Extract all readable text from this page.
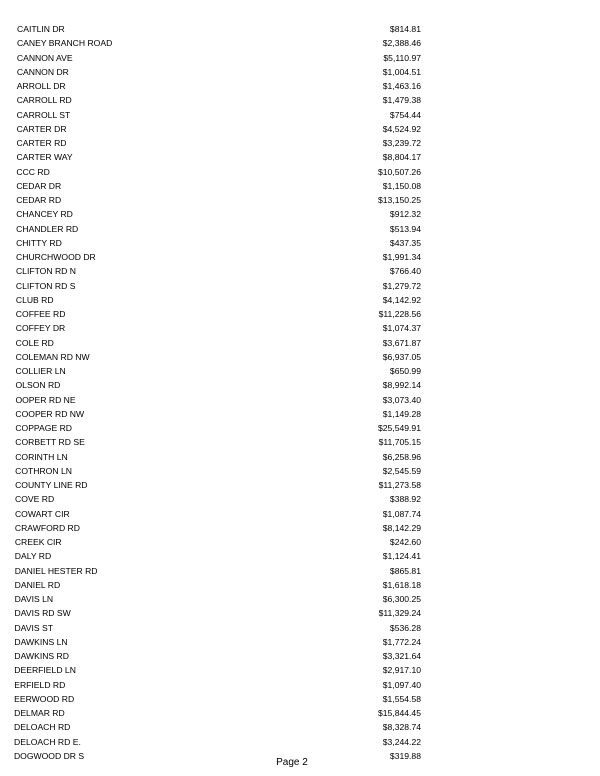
CAITLIN DR	$814.81
CANEY BRANCH ROAD	$2,388.46
CANNON AVE	$5,110.97
CANNON DR	$1,004.51
ARROLL DR	$1,463.16
CARROLL RD	$1,479.38
CARROLL ST	$754.44
CARTER DR	$4,524.92
CARTER RD	$3,239.72
CARTER WAY	$8,804.17
CCC RD	$10,507.26
CEDAR DR	$1,150.08
CEDAR RD	$13,150.25
CHANCEY RD	$912.32
CHANDLER RD	$513.94
CHITTY RD	$437.35
CHURCHWOOD DR	$1,991.34
CLIFTON RD N	$766.40
CLIFTON RD S	$1,279.72
CLUB RD	$4,142.92
COFFEE RD	$11,228.56
COFFEY DR	$1,074.37
COLE RD	$3,671.87
COLEMAN RD NW	$6,937.05
COLLIER LN	$650.99
OLSON RD	$8,992.14
OOPER RD NE	$3,073.40
COOPER RD NW	$1,149.28
COPPAGE RD	$25,549.91
CORBETT RD SE	$11,705.15
CORINTH LN	$6,258.96
COTHRON LN	$2,545.59
COUNTY LINE RD	$11,273.58
COVE RD	$388.92
COWART CIR	$1,087.74
CRAWFORD RD	$8,142.29
CREEK CIR	$242.60
DALY RD	$1,124.41
DANIEL HESTER RD	$865.81
DANIEL RD	$1,618.18
DAVIS LN	$6,300.25
DAVIS RD SW	$11,329.24
DAVIS ST	$536.28
DAWKINS LN	$1,772.24
DAWKINS RD	$3,321.64
DEERFIELD LN	$2,917.10
ERFIELD RD	$1,097.40
EERWOOD RD	$1,554.58
DELMAR RD	$15,844.45
DELOACH RD	$8,328.74
DELOACH RD E.	$3,244.22
DOGWOOD DR S	$319.88
Page 2
